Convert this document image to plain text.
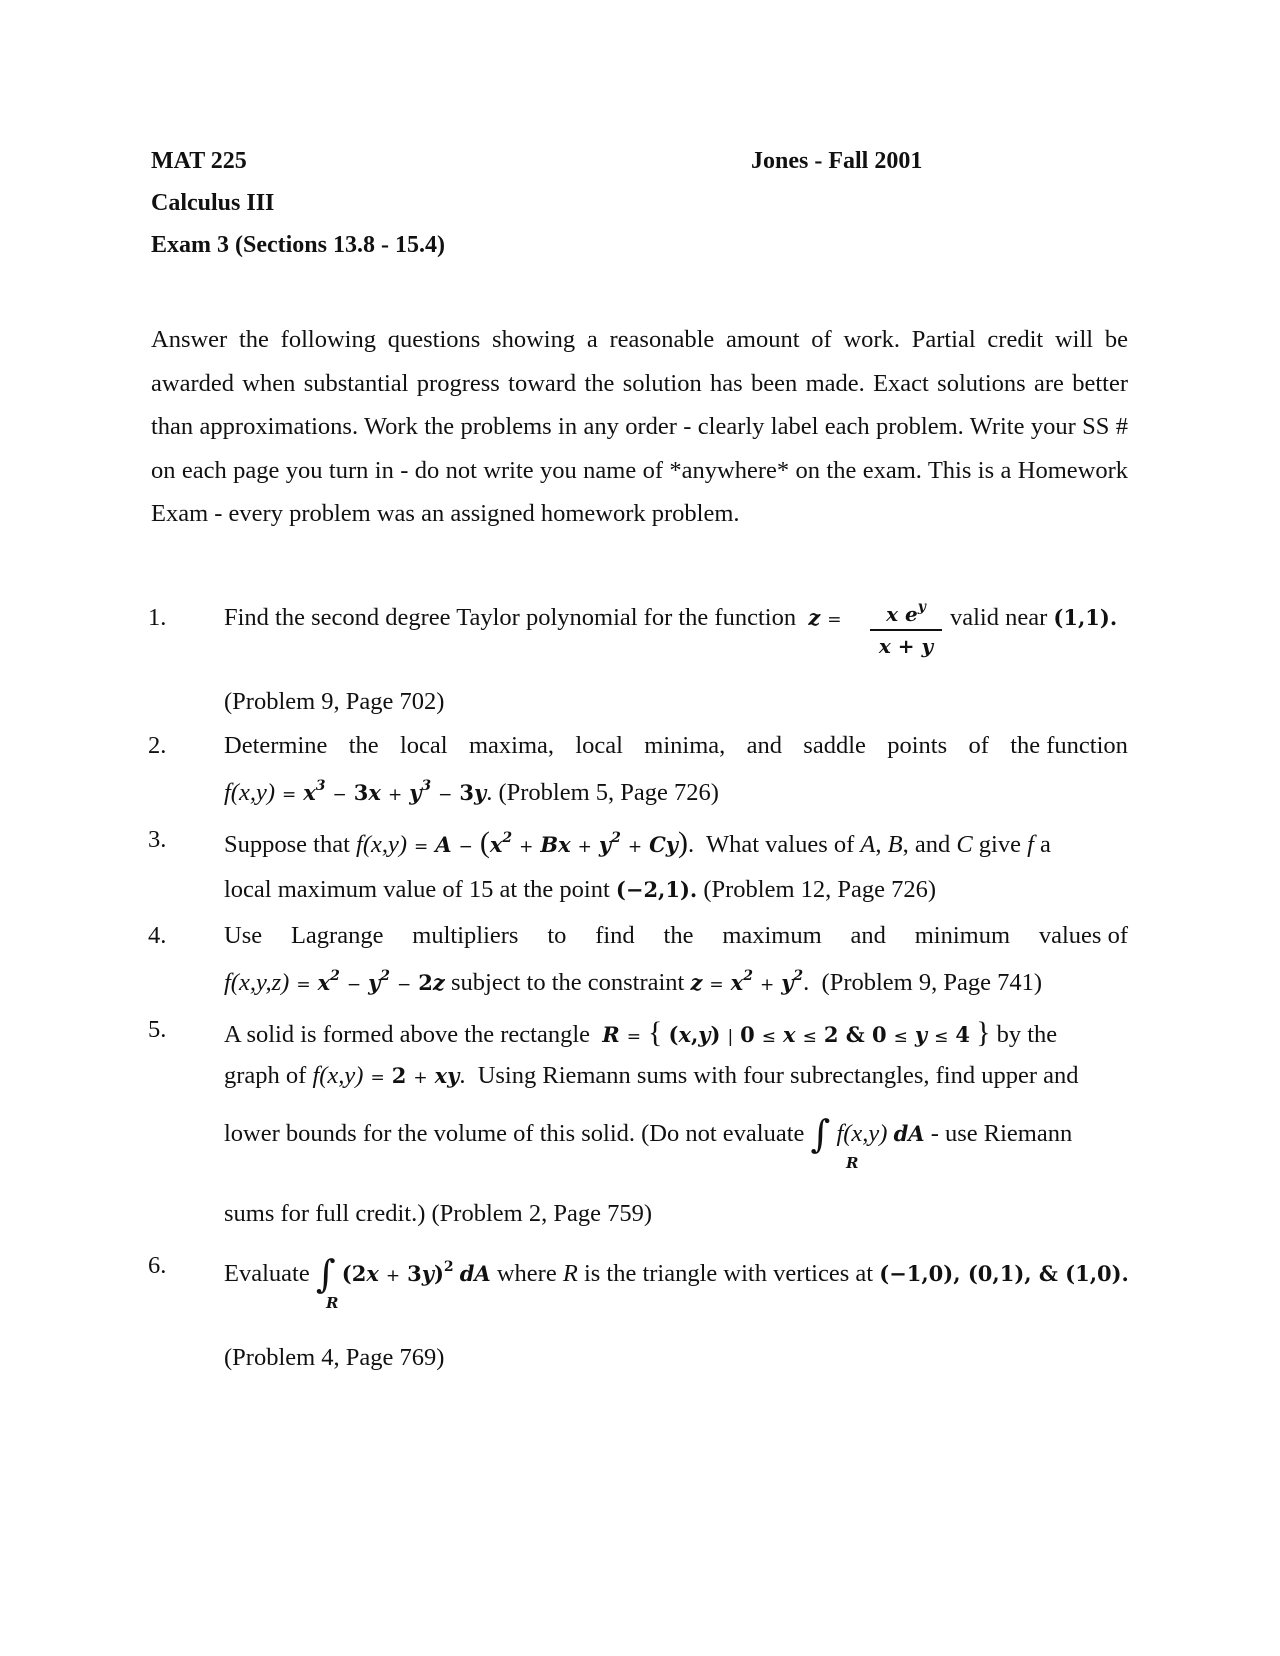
MAT 225	Jones - Fall 2001
Calculus III
Exam 3 (Sections 13.8 - 15.4)
Answer the following questions showing a reasonable amount of work. Partial credit will be awarded when substantial progress toward the solution has been made. Exact solutions are better than approximations. Work the problems in any order - clearly label each problem. Write your SS # on each page you turn in - do not write you name of *anywhere* on the exam. This is a Homework Exam - every problem was an assigned homework problem.
1. Find the second degree Taylor polynomial for the function z =	x $e^y$
x + y
valid near (1,1).
(Problem 9, Page 702)
2. Determine the local maxima, local minima, and saddle points of the function
$f(x,y) = x^3 - 3x + y^3 - 3y$. (Problem 5, Page 726)
3. Suppose that $f(x,y) = A - (x^2 + Bx + y^2 + Cy)$.  What values of A, B, and C give f a
local maximum value of 15 at the point (−2,1). (Problem 12, Page 726)
4. Use Lagrange multipliers to find the maximum and minimum values of
$f(x,y,z) = x^2 - y^2 - 2z$ subject to the constraint $z = x^2 + y^2$.  (Problem 9, Page 741)
5. A solid is formed above the rectangle R = { (x,y) | 0 ≤ x ≤ 2 & 0 ≤ y ≤ 4 } by the
graph of f(x,y) = 2 + xy.  Using Riemann sums with four subrectangles, find upper and
lower bounds for the volume of this solid. (Do not evaluate ∫ f(x,y) dA - use Riemann
R
sums for full credit.) (Problem 2, Page 759)
6. Evaluate ∫ $(2x + 3y)^2$ dA where R is the triangle with vertices at (−1,0), (0,1), & (1,0).
R
(Problem 4, Page 769)
